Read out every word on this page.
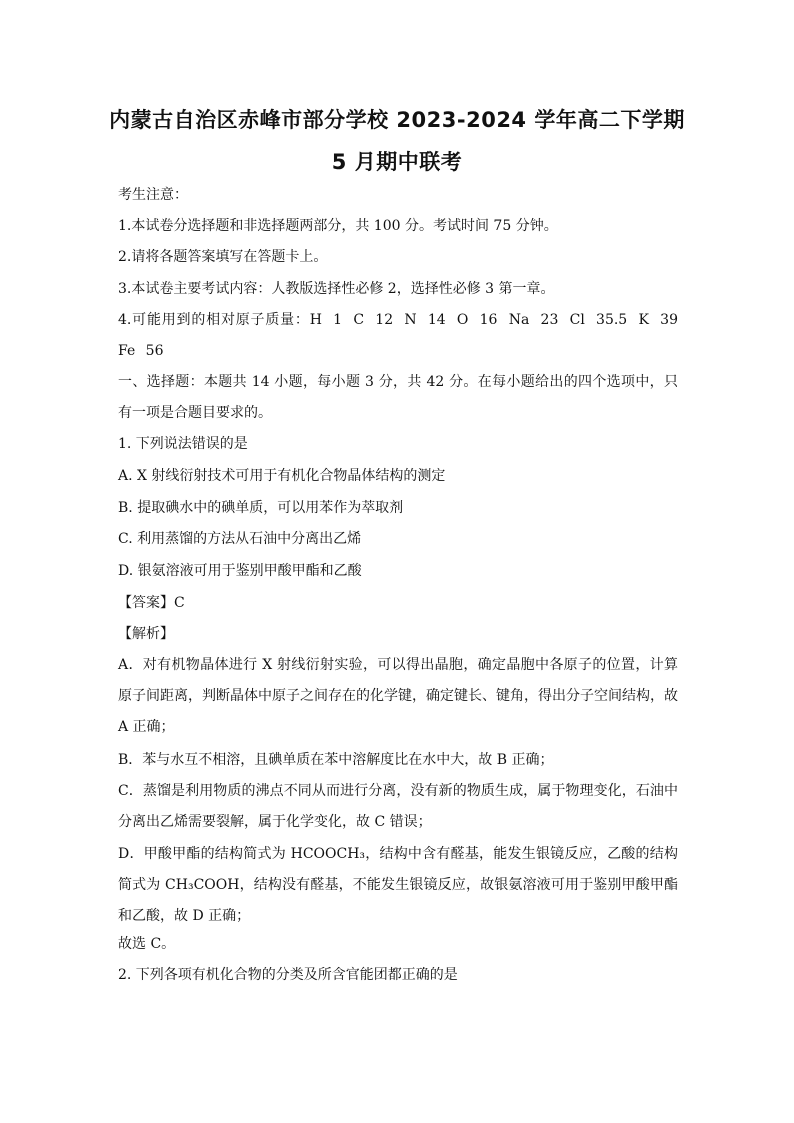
内蒙古自治区赤峰市部分学校 2023-2024 学年高二下学期
5 月期中联考
考生注意：
1.本试卷分选择题和非选择题两部分，共 100 分。考试时间 75 分钟。
2.请将各题答案填写在答题卡上。
3.本试卷主要考试内容：人教版选择性必修 2，选择性必修 3 第一章。
4.可能用到的相对原子质量：H 1 C 12 N 14 O 16 Na 23 Cl 35.5 K 39 Fe 56
一、选择题：本题共 14 小题，每小题 3 分，共 42 分。在每小题给出的四个选项中，只有一项是合题目要求的。
1. 下列说法错误的是
A. X 射线衍射技术可用于有机化合物晶体结构的测定
B. 提取碘水中的碘单质，可以用苯作为萃取剂
C. 利用蒸馏的方法从石油中分离出乙烯
D. 银氨溶液可用于鉴别甲酸甲酯和乙酸
【答案】C
【解析】
A．对有机物晶体进行 X 射线衍射实验，可以得出晶胞，确定晶胞中各原子的位置，计算原子间距离，判断晶体中原子之间存在的化学键，确定键长、键角，得出分子空间结构，故 A 正确；
B．苯与水互不相溶，且碘单质在苯中溶解度比在水中大，故 B 正确；
C．蒸馏是利用物质的沸点不同从而进行分离，没有新的物质生成，属于物理变化，石油中分离出乙烯需要裂解，属于化学变化，故 C 错误；
D．甲酸甲酯的结构简式为 HCOOCH₃，结构中含有醛基，能发生银镜反应，乙酸的结构简式为 CH₃COOH，结构没有醛基，不能发生银镜反应，故银氨溶液可用于鉴别甲酸甲酯和乙酸，故 D 正确；
故选 C。
2. 下列各项有机化合物的分类及所含官能团都正确的是
